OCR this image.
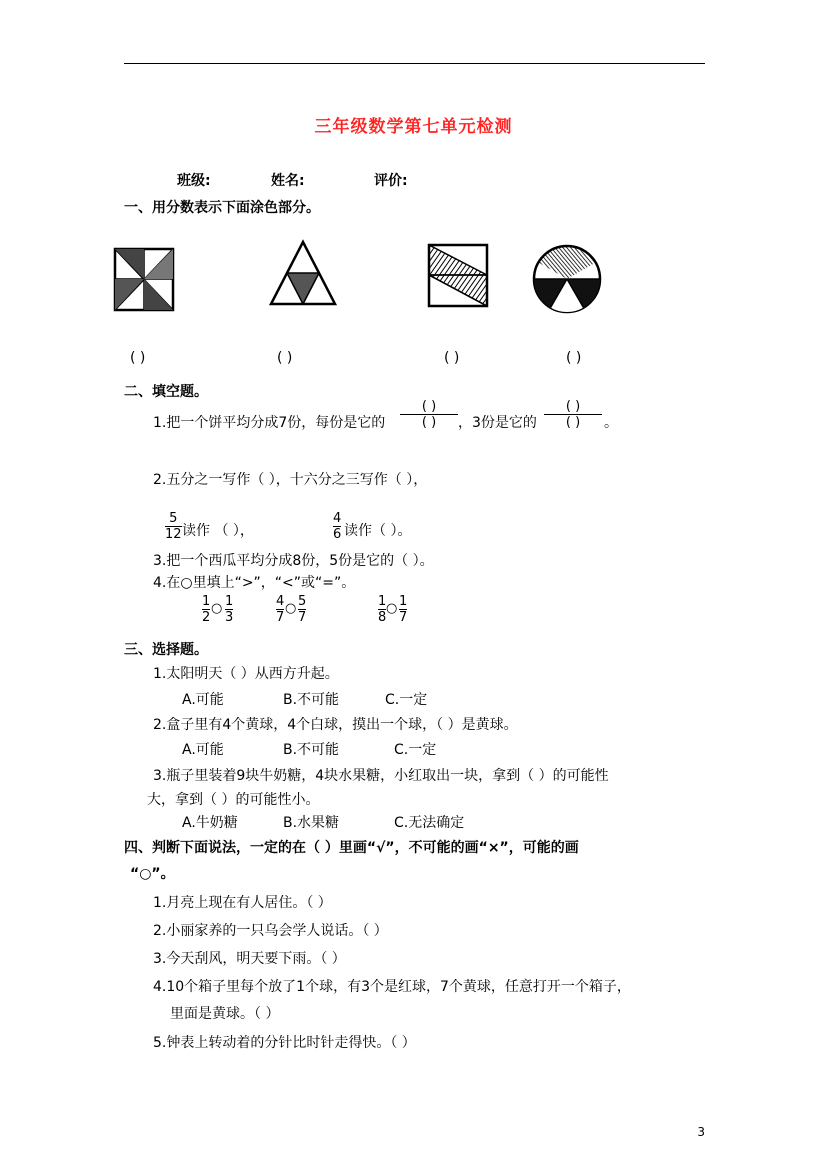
三年级数学第七单元检测
班级:	姓名:	评价:
一、用分数表示下面涂色部分。
( )	( )	( )	( )
二、填空题。
1.把一个饼平均分成7份，每份是它的
( )
( ) ，3份是它的
( )
( ) 。
2.五分之一写作（ ），十六分之三写作（ ），
5
12 读作 （ ），
4
6 读作（ ）。
3.把一个西瓜平均分成8份，5份是它的（ ）。
4.在○里填上“>”，“<”或“=”。
1
2
○ 1
3
4
7
○ 5
7
1
8
○ 1
7
三、选择题。
1.太阳明天（ ）从西方升起。
A.可能	B.不可能	C.一定
2.盒子里有4个黄球，4个白球，摸出一个球，（ ）是黄球。
A.可能	B.不可能	C.一定
3.瓶子里装着9块牛奶糖，4块水果糖，小红取出一块，拿到（ ）的可能性
大，拿到（ ）的可能性小。
A.牛奶糖	B.水果糖	C.无法确定
四、判断下面说法，一定的在（ ）里画“√”，不可能的画“×”，可能的画
“○”。
1.月亮上现在有人居住。（ ）
2.小丽家养的一只乌会学人说话。（ ）
3.今天刮风，明天要下雨。（ ）
4.10个箱子里每个放了1个球，有3个是红球，7个黄球，任意打开一个箱子，
里面是黄球。（ ）
5.钟表上转动着的分针比时针走得快。（ ）
3
